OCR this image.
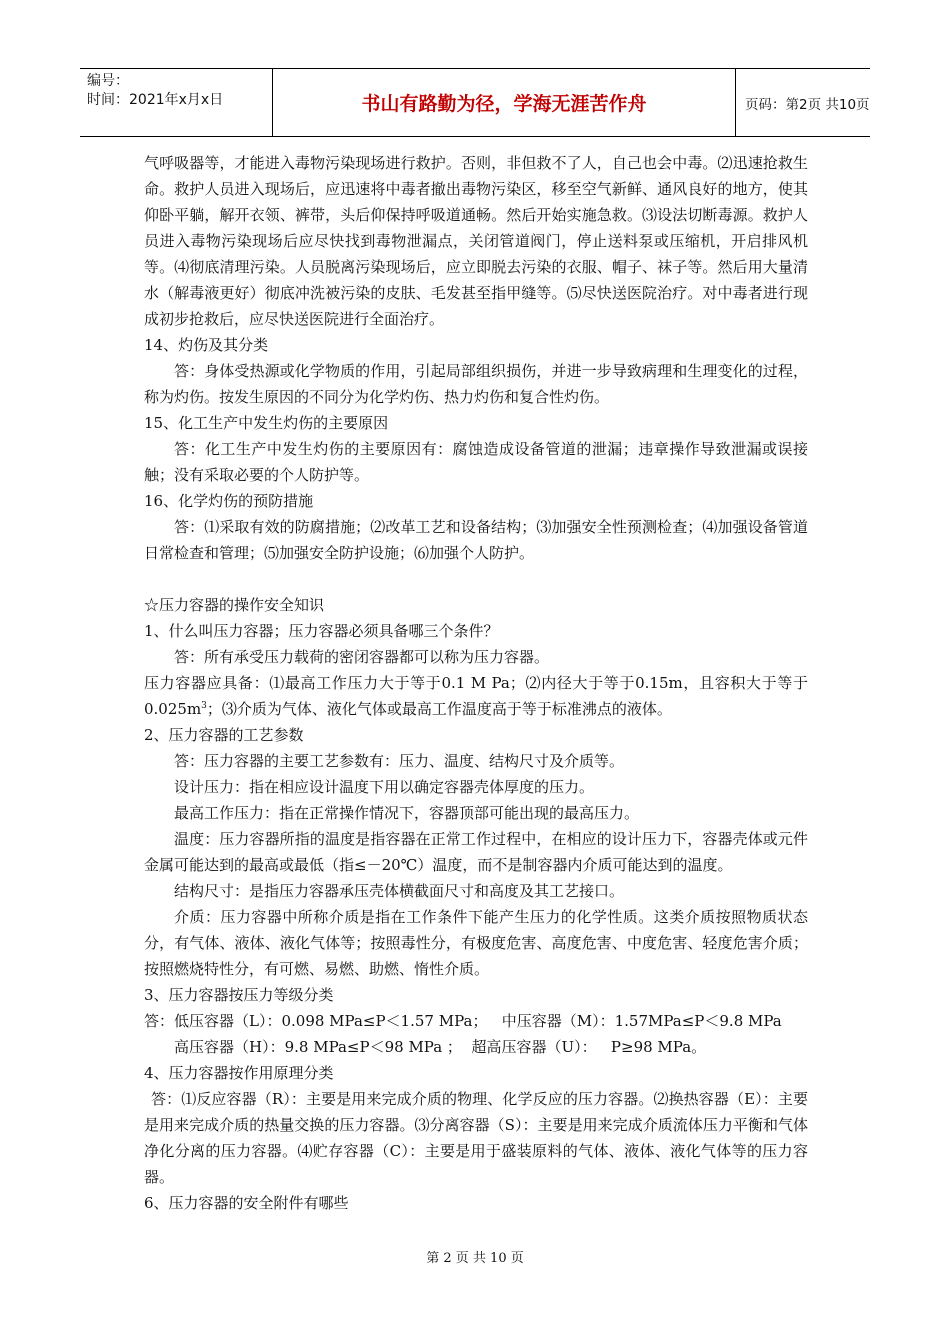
编号：
时间：2021年x月x日	书山有路勤为径，学海无涯苦作舟	页码：第2页 共10页

气呼吸器等，才能进入毒物污染现场进行救护。否则，非但救不了人，自己也会中毒。⑵迅速抢救生命。救护人员进入现场后，应迅速将中毒者撤出毒物污染区，移至空气新鲜、通风良好的地方，使其仰卧平躺，解开衣领、裤带，头后仰保持呼吸道通畅。然后开始实施急救。⑶设法切断毒源。救护人员进入毒物污染现场后应尽快找到毒物泄漏点，关闭管道阀门，停止送料泵或压缩机，开启排风机等。⑷彻底清理污染。人员脱离污染现场后，应立即脱去污染的衣服、帽子、袜子等。然后用大量清水（解毒液更好）彻底冲洗被污染的皮肤、毛发甚至指甲缝等。⑸尽快送医院治疗。对中毒者进行现成初步抢救后，应尽快送医院进行全面治疗。

14、灼伤及其分类

答：身体受热源或化学物质的作用，引起局部组织损伤，并进一步导致病理和生理变化的过程，称为灼伤。按发生原因的不同分为化学灼伤、热力灼伤和复合性灼伤。

15、化工生产中发生灼伤的主要原因

答：化工生产中发生灼伤的主要原因有：腐蚀造成设备管道的泄漏；违章操作导致泄漏或误接触；没有采取必要的个人防护等。

16、化学灼伤的预防措施

答：⑴采取有效的防腐措施；⑵改革工艺和设备结构；⑶加强安全性预测检查；⑷加强设备管道日常检查和管理；⑸加强安全防护设施；⑹加强个人防护。

☆压力容器的操作安全知识

1、什么叫压力容器；压力容器必须具备哪三个条件？

答：所有承受压力载荷的密闭容器都可以称为压力容器。

压力容器应具备：⑴最高工作压力大于等于0.1 M Pa；⑵内径大于等于0.15m，且容积大于等于$0.025m^3$；⑶介质为气体、液化气体或最高工作温度高于等于标准沸点的液体。

2、压力容器的工艺参数

答：压力容器的主要工艺参数有：压力、温度、结构尺寸及介质等。

设计压力：指在相应设计温度下用以确定容器壳体厚度的压力。

最高工作压力：指在正常操作情况下，容器顶部可能出现的最高压力。

温度：压力容器所指的温度是指容器在正常工作过程中，在相应的设计压力下，容器壳体或元件金属可能达到的最高或最低（指≤－20℃）温度，而不是制容器内介质可能达到的温度。

结构尺寸：是指压力容器承压壳体横截面尺寸和高度及其工艺接口。

介质：压力容器中所称介质是指在工作条件下能产生压力的化学性质。这类介质按照物质状态分，有气体、液体、液化气体等；按照毒性分，有极度危害、高度危害、中度危害、轻度危害介质；按照燃烧特性分，有可燃、易燃、助燃、惰性介质。

3、压力容器按压力等级分类

答：低压容器（L）：0.098 MPa≤P＜1.57 MPa；   中压容器（M）：1.57MPa≤P＜9.8 MPa

高压容器（H）：9.8 MPa≤P＜98 MPa ；  超高压容器（U）：   P≥98 MPa。

4、压力容器按作用原理分类

答：⑴反应容器（R）：主要是用来完成介质的物理、化学反应的压力容器。⑵换热容器（E）：主要是用来完成介质的热量交换的压力容器。⑶分离容器（S）：主要是用来完成介质流体压力平衡和气体净化分离的压力容器。⑷贮存容器（C）：主要是用于盛装原料的气体、液体、液化气体等的压力容器。

6、压力容器的安全附件有哪些

第 2 页 共 10 页
